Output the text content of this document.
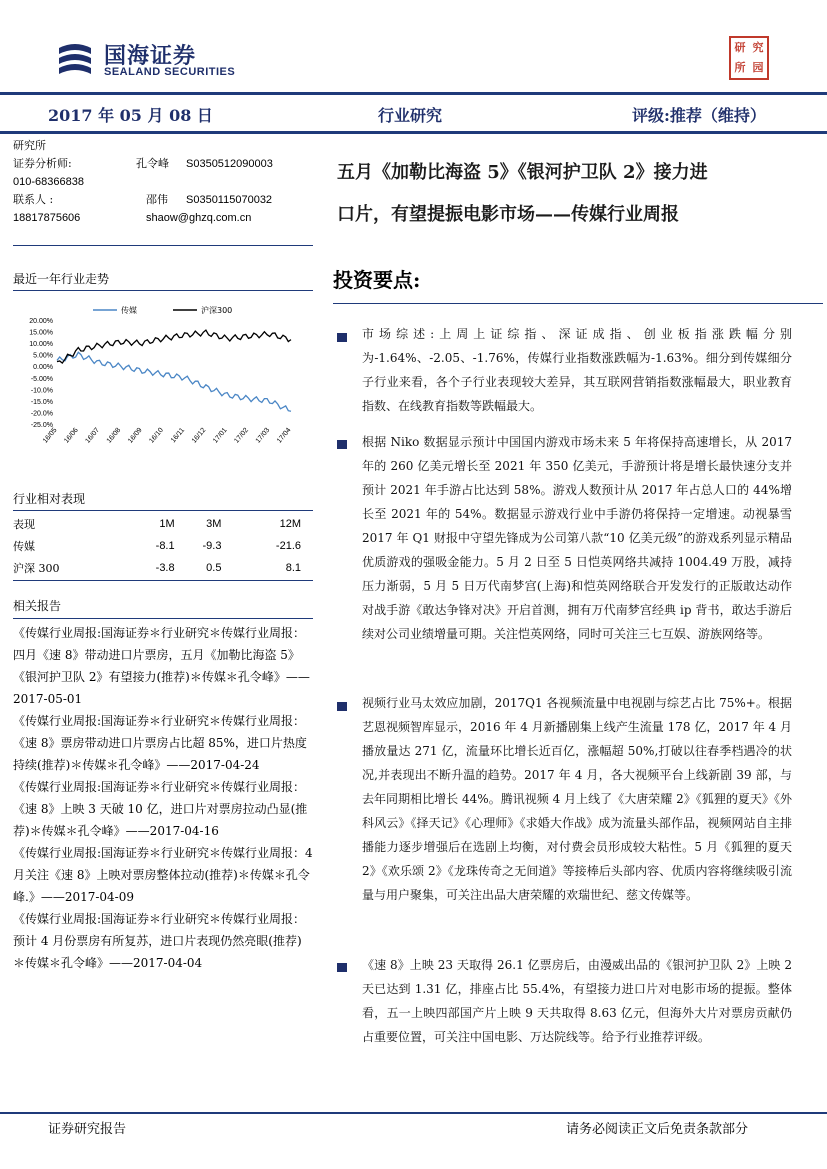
国海证券
SEALAND SECURITIES
研 究
所 园
2017 年 05 月 08 日	行业研究	评级:推荐（维持）
研究所
证券分析师:	孔令峰 S0350512090003
010-68366838
联系人 :	邵伟 S0350115070032
18817875606	shaow@ghzq.com.cn
最近一年行业走势
20.00%
15.00%
10.00%
5.00%
0.00%
-5.00%
-10.0%
-15.0%
-20.0%
-25.0%
16/05 16/06 16/07 16/08 16/09 16/10 16/11 16/12 17/01 17/02 17/03 17/04
传媒	沪深300
行业相对表现
表现	1M	3M	12M
传媒	-8.1	-9.3	-21.6
沪深 300	-3.8	0.5	8.1
相关报告

《传媒行业周报:国海证券＊行业研究＊传媒行业周报：四月《速 8》带动进口片票房，五月《加勒比海盗 5》《银河护卫队 2》有望接力(推荐)＊传媒＊孔令峰》——2017-05-01

《传媒行业周报:国海证券＊行业研究＊传媒行业周报：《速 8》票房带动进口片票房占比超 85%，进口片热度持续(推荐)＊传媒＊孔令峰》——2017-04-24

《传媒行业周报:国海证券＊行业研究＊传媒行业周报：《速 8》上映 3 天破 10 亿，进口片对票房拉动凸显(推荐)＊传媒＊孔令峰》——2017-04-16

《传媒行业周报:国海证券＊行业研究＊传媒行业周报：4 月关注《速 8》上映对票房整体拉动(推荐)＊传媒＊孔令峰.》——2017-04-09

《传媒行业周报:国海证券＊行业研究＊传媒行业周报：预计 4 月份票房有所复苏，进口片表现仍然亮眼(推荐)＊传媒＊孔令峰》——2017-04-04

五月《加勒比海盗 5》《银河护卫队 2》接力进
口片，有望提振电影市场——传媒行业周报
投资要点:
市场综述:上周上证综指、深证成指、创业板指涨跌幅分别为-1.64%、-2.05、-1.76%，传媒行业指数涨跌幅为-1.63%。细分到传媒细分子行业来看，各个子行业表现较大差异，其互联网营销指数涨幅最大，职业教育指数、在线教育指数等跌幅最大。
根据 Niko 数据显示预计中国国内游戏市场未来 5 年将保持高速增长，从 2017 年的 260 亿美元增长至 2021 年 350 亿美元，手游预计将是增长最快速分支并预计 2021 年手游占比达到 58%。游戏人数预计从 2017 年占总人口的 44%增长至 2021 年的 54%。数据显示游戏行业中手游仍将保持一定增速。动视暴雪 2017 年 Q1 财报中守望先锋成为公司第八款“10 亿美元级”的游戏系列显示精品优质游戏的强吸金能力。5 月 2 日至 5 日恺英网络共减持 1004.49 万股，减持压力渐弱，5 月 5 日万代南梦宫(上海)和恺英网络联合开发发行的正版敢达动作对战手游《敢达争锋对决》开启首测，拥有万代南梦宫经典 ip 背书，敢达手游后续对公司业绩增量可期。关注恺英网络，同时可关注三七互娱、游族网络等。
视频行业马太效应加剧，2017Q1 各视频流量中电视剧与综艺占比 75%+。根据艺恩视频智库显示，2016 年 4 月新播剧集上线产生流量 178 亿，2017 年 4 月播放量达 271 亿，流量环比增长近百亿，涨幅超 50%,打破以往春季档遇冷的状况,并表现出不断升温的趋势。2017 年 4 月，各大视频平台上线新剧 39 部，与去年同期相比增长 44%。腾讯视频 4 月上线了《大唐荣耀 2》《狐狸的夏天》《外科风云》《择天记》《心理师》《求婚大作战》成为流量头部作品，视频网站自主排播能力逐步增强后在选剧上均衡，对付费会员形成较大粘性。5 月《狐狸的夏天 2》《欢乐颂 2》《龙珠传奇之无间道》等接棒后头部内容、优质内容将继续吸引流量与用户聚集，可关注出品大唐荣耀的欢瑞世纪、慈文传媒等。
《速 8》上映 23 天取得 26.1 亿票房后，由漫威出品的《银河护卫队 2》上映 2 天已达到 1.31 亿，排座占比 55.4%，有望接力进口片对电影市场的提振。整体看，五一上映四部国产片上映 9 天共取得 8.63 亿元，但海外大片对票房贡献仍占重要位置，可关注中国电影、万达院线等。给予行业推荐评级。
证券研究报告	请务必阅读正文后免责条款部分
